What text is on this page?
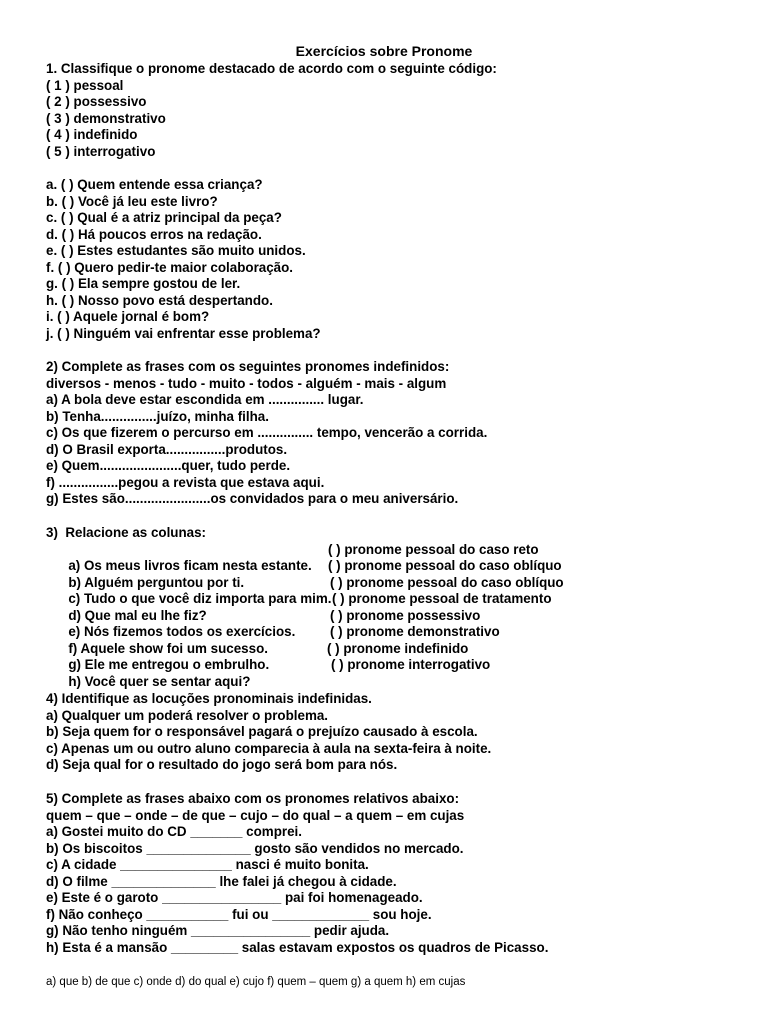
Exercícios sobre Pronome
1. Classifique o pronome destacado de acordo com o seguinte código:
( 1 ) pessoal
( 2 ) possessivo
( 3 ) demonstrativo
( 4 ) indefinido
( 5 ) interrogativo
a. ( ) Quem entende essa criança?
b. ( ) Você já leu este livro?
c. ( ) Qual é a atriz principal da peça?
d. ( ) Há poucos erros na redação.
e. ( ) Estes estudantes são muito unidos.
f. ( ) Quero pedir-te maior colaboração.
g. ( ) Ela sempre gostou de ler.
h. ( ) Nosso povo está despertando.
i. ( ) Aquele jornal é bom?
j. ( ) Ninguém vai enfrentar esse problema?
2) Complete as frases com os seguintes pronomes indefinidos:
diversos - menos - tudo - muito - todos - alguém - mais - algum
a) A bola deve estar escondida em ............... lugar.
b) Tenha...............juízo, minha filha.
c) Os que fizerem o percurso em ............... tempo, vencerão a corrida.
d) O Brasil exporta................produtos.
e) Quem......................quer, tudo perde.
f) ................pegou a revista que estava aqui.
g) Estes são.......................os convidados para o meu aniversário.
3)  Relacione as colunas:

a) Os meus livros ficam nesta estante.

( ) pronome pessoal do caso reto

b) Alguém perguntou por ti.

( ) pronome pessoal do caso oblíquo

c) Tudo o que você diz importa para mim.

( ) pronome pessoal do caso oblíquo

d) Que mal eu lhe fiz?

( ) pronome pessoal de tratamento

e) Nós fizemos todos os exercícios.

( ) pronome possessivo

f) Aquele show foi um sucesso.

( ) pronome demonstrativo

g) Ele me entregou o embrulho.

( ) pronome indefinido

h) Você quer se sentar aqui?

( ) pronome interrogativo

4) Identifique as locuções pronominais indefinidas.
a) Qualquer um poderá resolver o problema.
b) Seja quem for o responsável pagará o prejuízo causado à escola.
c) Apenas um ou outro aluno comparecia à aula na sexta-feira à noite.
d) Seja qual for o resultado do jogo será bom para nós.
5) Complete as frases abaixo com os pronomes relativos abaixo:
quem – que – onde – de que – cujo – do qual – a quem – em cujas
a) Gostei muito do CD _______ comprei.
b) Os biscoitos ______________ gosto são vendidos no mercado.
c) A cidade _______________ nasci é muito bonita.
d) O filme ______________ lhe falei já chegou à cidade.
e) Este é o garoto ________________ pai foi homenageado.
f) Não conheço ___________ fui ou _____________ sou hoje.
g) Não tenho ninguém ________________ pedir ajuda.
h) Esta é a mansão _________ salas estavam expostos os quadros de Picasso.
a) que b) de que c) onde d) do qual e) cujo f) quem – quem g) a quem h) em cujas
